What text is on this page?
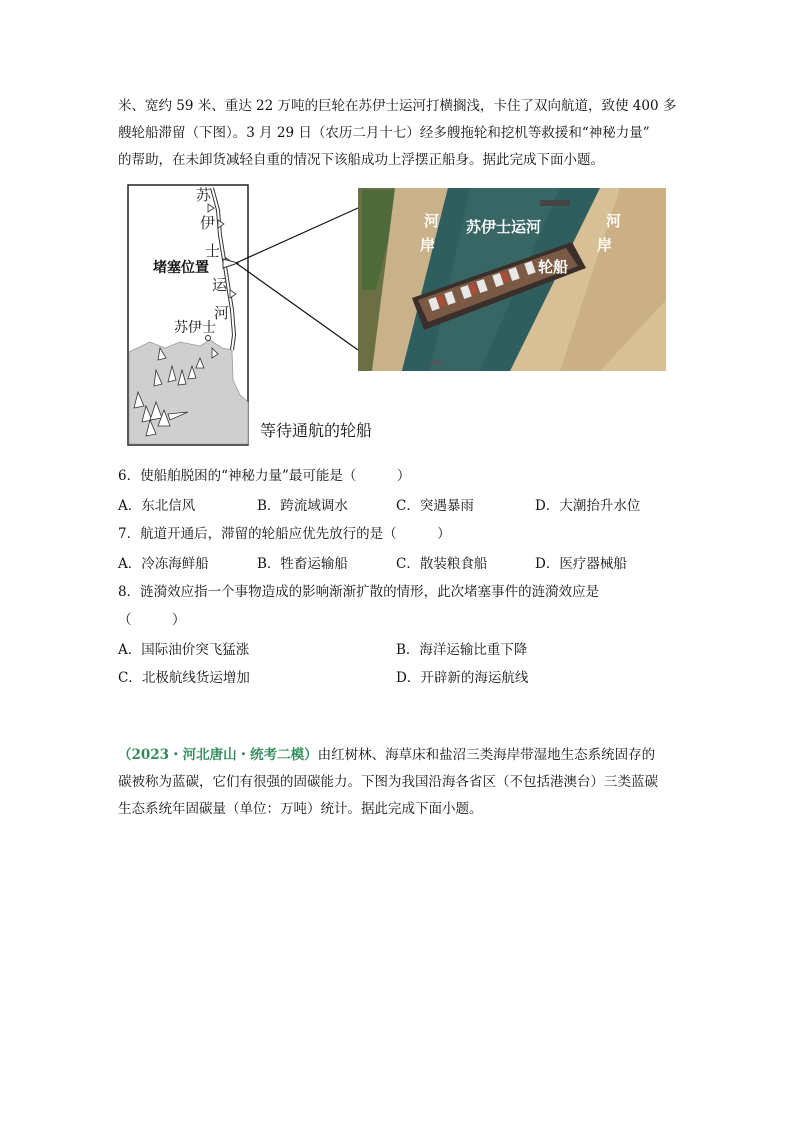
米、宽约 59 米、重达 22 万吨的巨轮在苏伊士运河打横搁浅，卡住了双向航道，致使 400 多
艘轮船滞留（下图）。3 月 29 日（农历二月十七）经多艘拖轮和挖机等救援和“神秘力量”
的帮助，在未卸货减轻自重的情况下该船成功上浮摆正船身。据此完成下面小题。
苏
伊
士
运
河
堵塞位置
苏伊士
等待通航的轮船
河
岸
苏伊士运河	河
岸
轮船
6．使船舶脱困的“神秘力量”最可能是（　　　）
A．东北信风	B．跨流域调水	C．突遇暴雨	D．大潮抬升水位
7．航道开通后，滞留的轮船应优先放行的是（　　　）
A．冷冻海鲜船	B．牲畜运输船	C．散装粮食船	D．医疗器械船
8．涟漪效应指一个事物造成的影响渐渐扩散的情形，此次堵塞事件的涟漪效应是
（　　　）
A．国际油价突飞猛涨	B．海洋运输比重下降
C．北极航线货运增加	D．开辟新的海运航线
（2023・河北唐山・统考二模）由红树林、海草床和盐沼三类海岸带湿地生态系统固存的
碳被称为蓝碳，它们有很强的固碳能力。下图为我国沿海各省区（不包括港澳台）三类蓝碳
生态系统年固碳量（单位：万吨）统计。据此完成下面小题。
